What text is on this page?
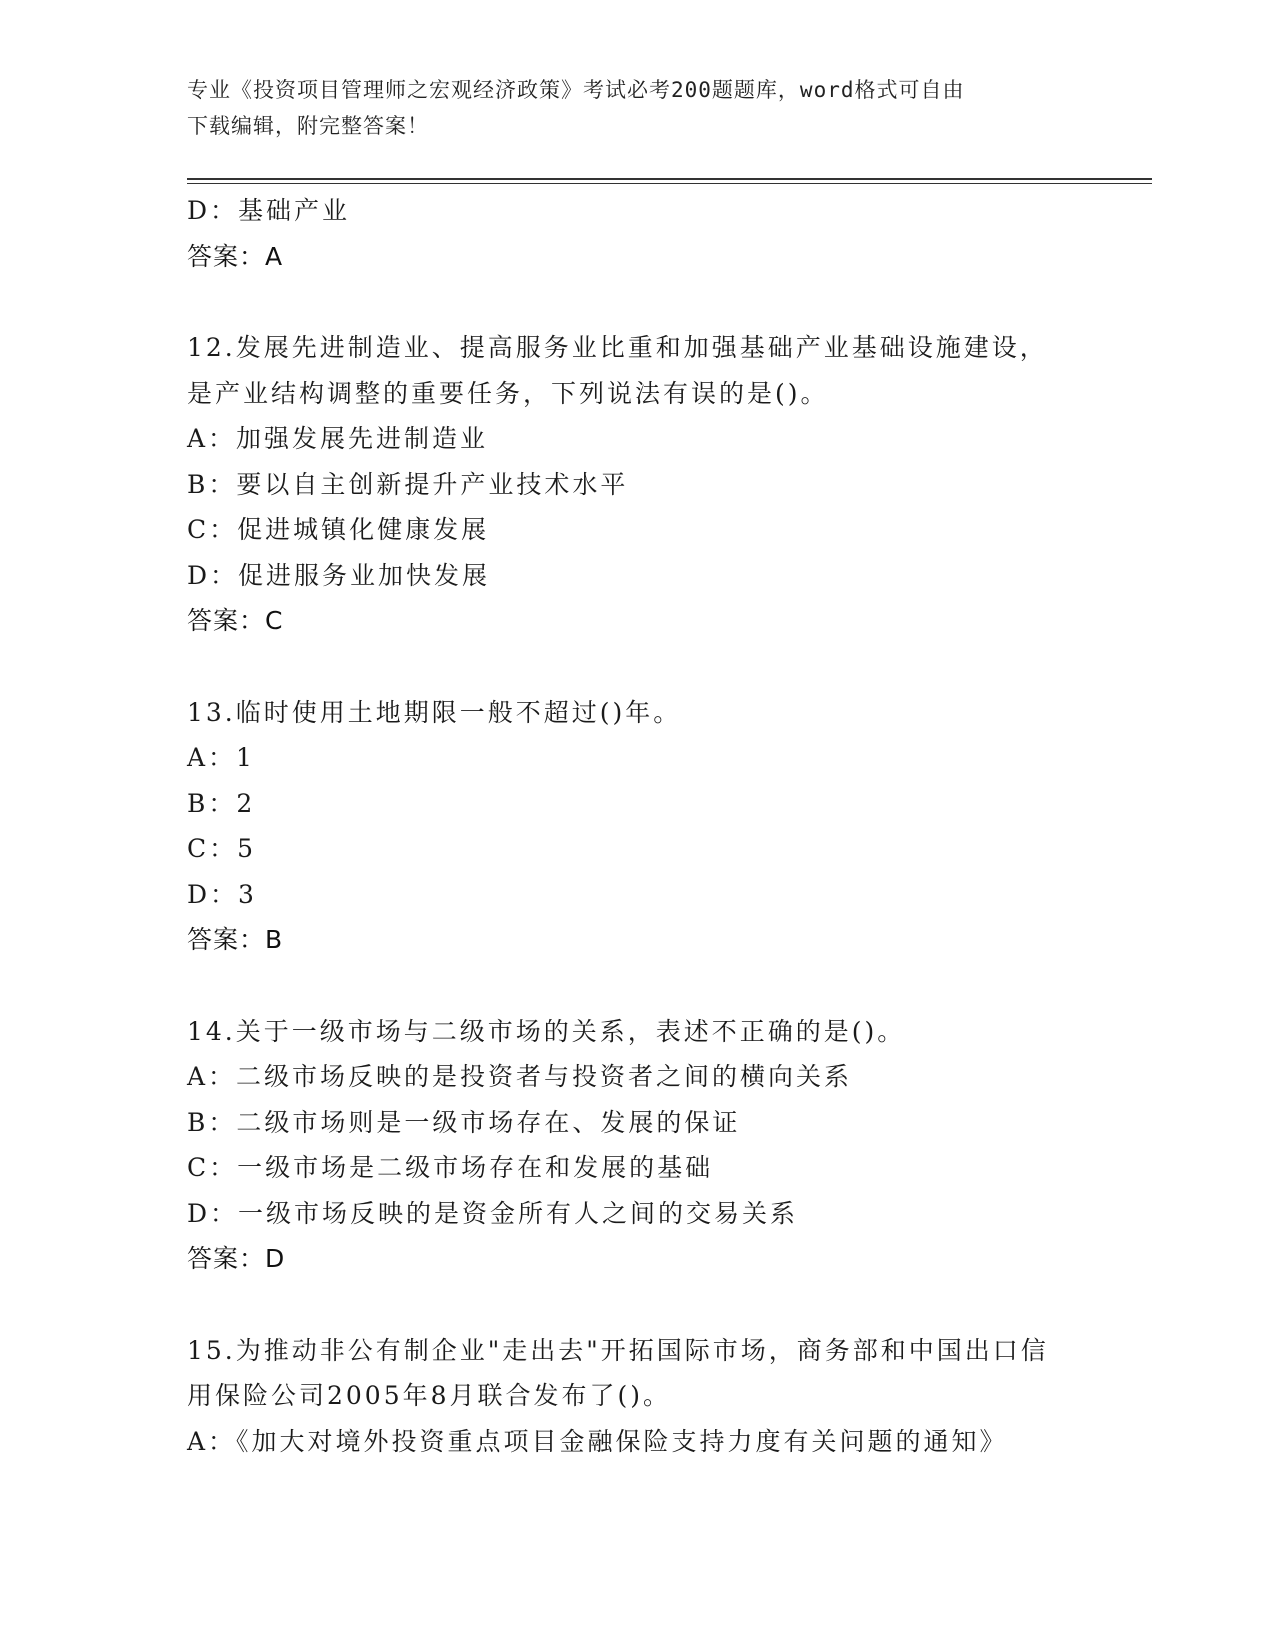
专业《投资项目管理师之宏观经济政策》考试必考200题题库，word格式可自由
下载编辑，附完整答案！
D：基础产业
答案：A
12.发展先进制造业、提高服务业比重和加强基础产业基础设施建设，
是产业结构调整的重要任务，下列说法有误的是()。
A：加强发展先进制造业
B：要以自主创新提升产业技术水平
C：促进城镇化健康发展
D：促进服务业加快发展
答案：C
13.临时使用土地期限一般不超过()年。
A：1
B：2
C：5
D：3
答案：B
14.关于一级市场与二级市场的关系，表述不正确的是()。
A：二级市场反映的是投资者与投资者之间的横向关系
B：二级市场则是一级市场存在、发展的保证
C：一级市场是二级市场存在和发展的基础
D：一级市场反映的是资金所有人之间的交易关系
答案：D
15.为推动非公有制企业"走出去"开拓国际市场，商务部和中国出口信
用保险公司2005年8月联合发布了()。
A：《加大对境外投资重点项目金融保险支持力度有关问题的通知》
